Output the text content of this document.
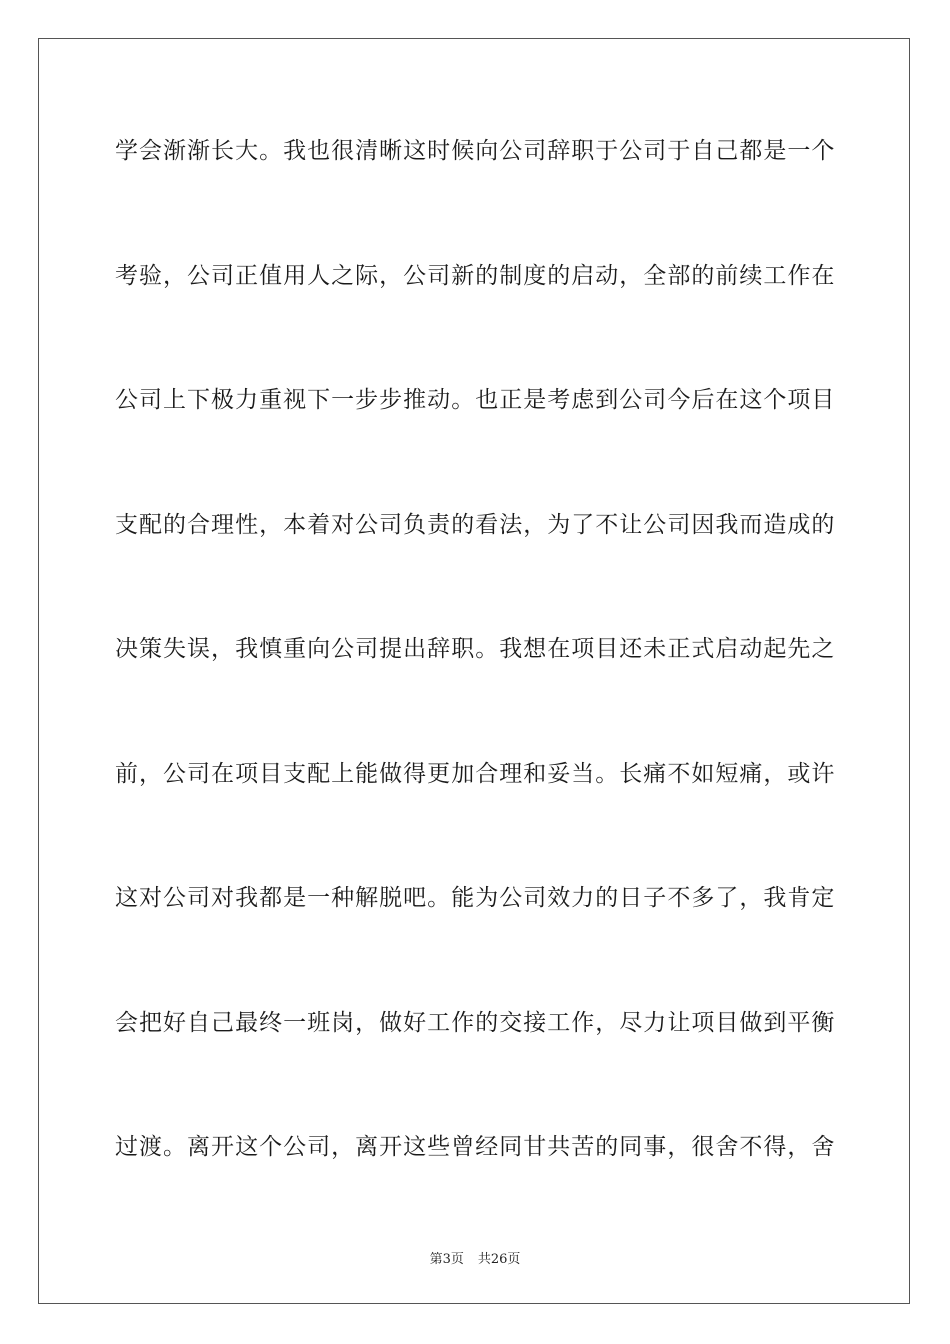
学会渐渐长大。我也很清晰这时候向公司辞职于公司于自己都是一个

考验，公司正值用人之际，公司新的制度的启动，全部的前续工作在

公司上下极力重视下一步步推动。也正是考虑到公司今后在这个项目

支配的合理性，本着对公司负责的看法，为了不让公司因我而造成的

决策失误，我慎重向公司提出辞职。我想在项目还未正式启动起先之

前，公司在项目支配上能做得更加合理和妥当。长痛不如短痛，或许

这对公司对我都是一种解脱吧。能为公司效力的日子不多了，我肯定

会把好自己最终一班岗，做好工作的交接工作，尽力让项目做到平衡

过渡。离开这个公司，离开这些曾经同甘共苦的同事，很舍不得，舍

第3页 共26页
